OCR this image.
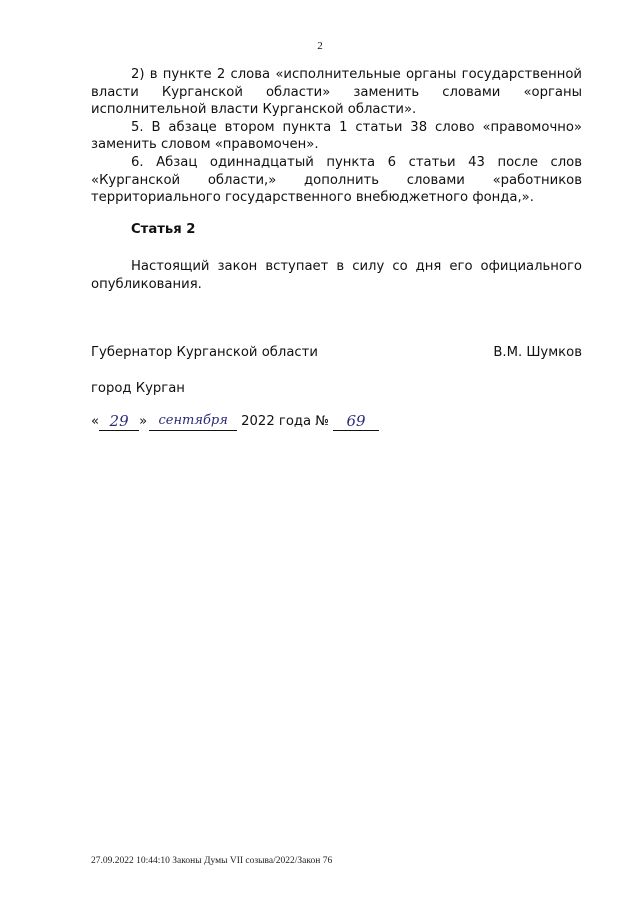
2

2) в пункте 2 слова «исполнительные органы государственной власти Курганской области» заменить словами «органы исполнительной власти Курганской области».

5. В абзаце втором пункта 1 статьи 38 слово «правомочно» заменить словом «правомочен».

6. Абзац одиннадцатый пункта 6 статьи 43 после слов «Курганской области,» дополнить словами «работников территориального государственного внебюджетного фонда,».

Статья 2

Настоящий закон вступает в силу со дня его официального опубликования.

Губернатор Курганской области	В.М. Шумков
город Курган
« 29 » сентября	2022 года №	69
27.09.2022 10:44:10 Законы Думы VII созыва/2022/Закон 76
